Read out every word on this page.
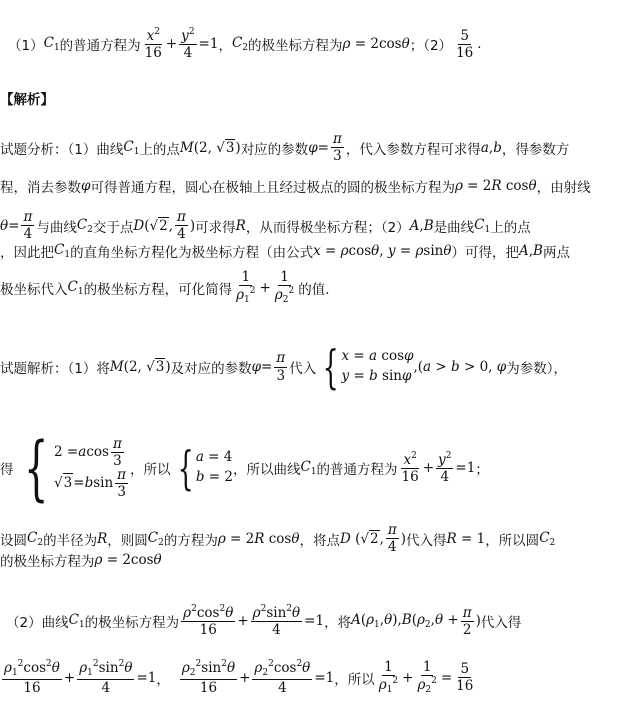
（1） $C_1$ 的普通方程为 $\frac{x^2}{16} + \frac{y^2}{4} =1$ ， $C_2$ 的极坐标方程为 ρ = 2cosθ ；$(2) \frac{5}{16}$ .
【解析】
试题分析：（1）曲线 $C_1$ 上的点 M(2, √3) 对应的参数 $\varphi = \frac{\pi}{3}$ ，代入参数方程可求得 a , b ，得参数方
程，消去参数 φ 可得普通方程，圆心在极轴上且经过极点的圆的极坐标方程为 ρ = 2R cosθ ，由射线
$\theta = \frac{\pi}{4}$ 与曲线 $C_2$ 交于点 D(√2, $\frac{\pi}{4}$ ) 可求得 R ，从而得极坐标方程；（2） A , B 是曲线 $C_1$ 上的点
，因此把 $C_1$ 的直角坐标方程化为极坐标方程（由公式 x = ρcosθ, y = ρsinθ ）可得，把 A , B 两点
极坐标代入 $C_1$ 的极坐标方程，可化简得 $\frac{1}{\rho_1^2} + \frac{1}{\rho_2^2}$ 的值.
试题解析：（1）将 M(2, √3) 及对应的参数 $\varphi = \frac{\pi}{3}$ 代入 { x = a cosφ
y = b sinφ
,(a > b > 0, φ 为参数），
得 { 2 = a $\cos \frac{\pi}{3}$
√ 3 = b $\sin \frac{\pi}{3}$ ，所以 { a = 4
b = 2 ，所以曲线 $C_1$ 的普通方程为 $\frac{x^2}{16} + \frac{y^2}{4} =1$ ；
设圆 $C_2$ 的半径为 R ，则圆 $C_2$ 的方程为 ρ = 2R cosθ ，将点 D (√2, $\frac{\pi}{4}$ ) 代入得 R = 1 ，所以圆 $C_2$
的极坐标方程为 ρ = 2cosθ
（2）曲线 $C_1$ 的极坐标方程为 $\frac{\rho^2\cos^2\theta}{16} + \frac{\rho^2\sin^2\theta}{4} =1$ ，将 $A(\rho_1,\theta),B(\rho_2,\theta + \frac{\pi}{2}$ ) 代入得
$\frac{\rho_1^2\cos^2\theta}{16} + \frac{\rho_1^2\sin^2\theta}{4} =1$ ， $\frac{\rho_2^2\sin^2\theta}{16} + \frac{\rho_2^2\cos^2\theta}{4} =1$ ，所以 $\frac{1}{\rho_1^2} + \frac{1}{\rho_2^2} = \frac{5}{16}$
